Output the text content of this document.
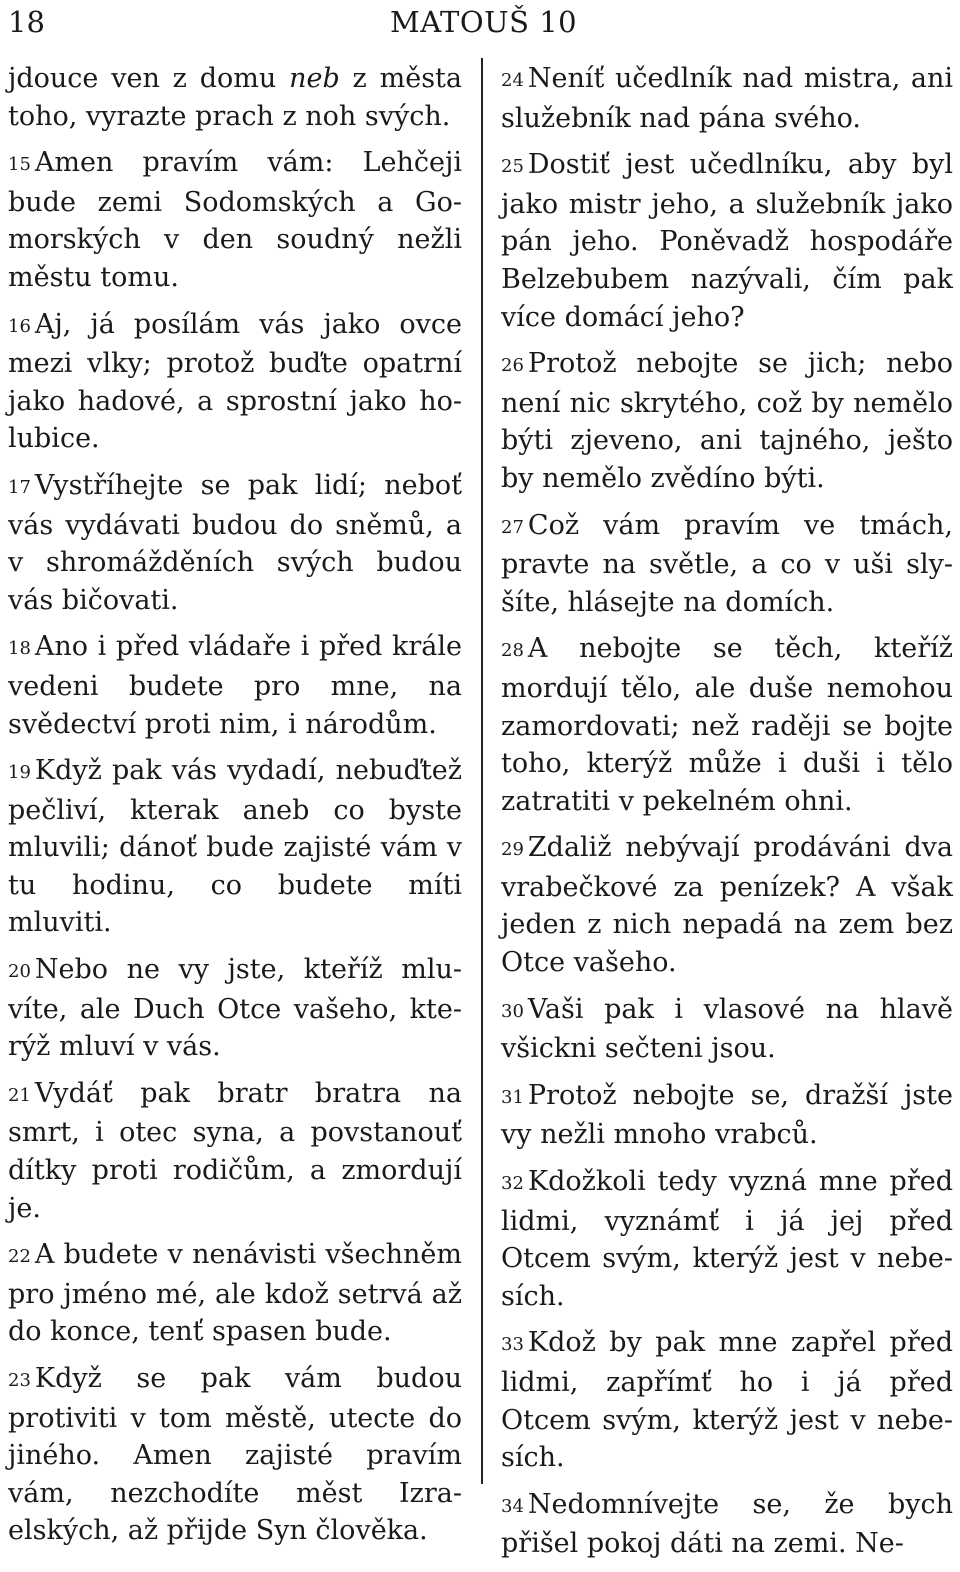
18	MATOUŠ 10

jdouce ven z domu neb z města toho, vyrazte prach z noh svých.

15 Amen pravím vám: Lehčeji bude zemi Sodomských a Gomorských v den soudný nežli městu tomu.

16 Aj, já posílám vás jako ovce mezi vlky; protož buďte opatrní jako hadové, a sprostní jako holubice.

17 Vystříhejte se pak lidí; neboť vás vydávati budou do sněmů, a v shromážděních svých budou vás bičovati.

18 Ano i před vládaře i před krále vedeni budete pro mne, na svědectví proti nim, i národům.

19 Když pak vás vydadí, nebuďtež pečliví, kterak aneb co byste mluvili; dánoť bude zajisté vám v tu hodinu, co budete míti mluviti.

20 Nebo ne vy jste, kteříž mluvíte, ale Duch Otce vašeho, kterýž mluví v vás.

21 Vydáť pak bratr bratra na smrt, i otec syna, a povstanouť dítky proti rodičům, a zmordují je.

22 A budete v nenávisti všechněm pro jméno mé, ale kdož setrvá až do konce, tenť spasen bude.

23 Když se pak vám budou protiviti v tom městě, utecte do jiného. Amen zajisté pravím vám, nezchodíte měst Izraelských, až přijde Syn člověka.

24 Neníť učedlník nad mistra, ani služebník nad pána svého.

25 Dostiť jest učedlníku, aby byl jako mistr jeho, a služebník jako pán jeho. Poněvadž hospodáře Belzebubem nazývali, čím pak více domácí jeho?

26 Protož nebojte se jich; nebo není nic skrytého, což by nemělo býti zjeveno, ani tajného, ješto by nemělo zvědíno býti.

27 Což vám pravím ve tmách, pravte na světle, a co v uši slyšíte, hlásejte na domích.

28 A nebojte se těch, kteříž mordují tělo, ale duše nemohou zamordovati; než raději se bojte toho, kterýž může i duši i tělo zatratiti v pekelném ohni.

29 Zdaliž nebývají prodáváni dva vrabečkové za penízek? A však jeden z nich nepadá na zem bez Otce vašeho.

30 Vaši pak i vlasové na hlavě všickni sečteni jsou.

31 Protož nebojte se, dražší jste vy nežli mnoho vrabců.

32 Kdožkoli tedy vyzná mne před lidmi, vyznámť i já jej před Otcem svým, kterýž jest v nebesích.

33 Kdož by pak mne zapřel před lidmi, zapřímť ho i já před Otcem svým, kterýž jest v nebesích.

34 Nedomnívejte se, že bych přišel pokoj dáti na zemi. Ne-
